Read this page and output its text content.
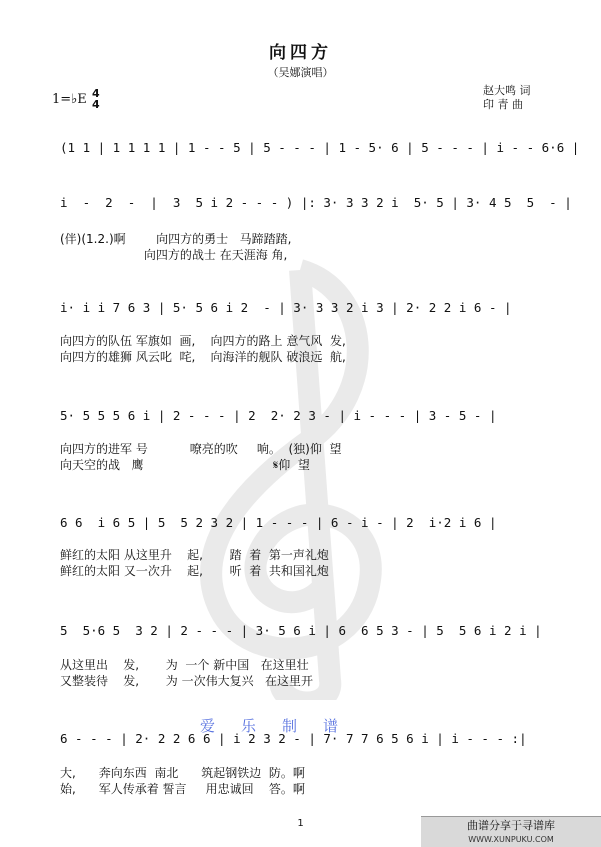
向四方
（吴娜演唱）
赵大鸣 词
印 青 曲
1=♭E 4
4
(1 1 | 1 1 1 1 | 1 - - 5 | 5 - - - | 1 - 5· 6 | 5 - - - | i - - 6·6 |
i  -  2  -  |  3  5 i 2 - - - ) |: 3· 3 3 2 i  5· 5 | 3· 4 5  5  - |
(伴)(1.2.)啊        向四方的勇士   马蹄踏踏,
向四方的战士 在天涯海 角,
i· i i 7 6 3 | 5· 5 6 i 2  - | 3· 3 3 2 i 3 | 2· 2 2 i 6 - |
向四方的队伍 军旗如  画,    向四方的路上 意气风  发,
向四方的雄狮 风云叱  咤,    向海洋的舰队 破浪远  航,
5· 5 5 5 6 i | 2 - - - | 2  2· 2 3 - | i - - - | 3 - 5 - |
向四方的进军 号           嘹亮的吹     响。  (独)仰  望
向天空的战   鹰                                  𝄋仰  望
6 6  i 6 5 | 5  5 2 3 2 | 1 - - - | 6 - i - | 2  i·2 i 6 |
鲜红的太阳 从这里升    起,       踏  着  第一声礼炮
鲜红的太阳 又一次升    起,       听  着  共和国礼炮
5  5·6 5  3 2 | 2 - - - | 3· 5 6 i | 6  6 5 3 - | 5  5 6 i 2 i |
从这里出    发,       为  一个 新中国   在这里壮
又整装待    发,       为 一次伟大复兴   在这里开
爱乐制谱
6 - - - | 2· 2 2 6 6 | i 2 3 2 - | 7· 7 7 6 5 6 i | i - - - :|
大,      奔向东西  南北      筑起钢铁边  防。啊
始,      军人传承着 誓言     用忠诚回    答。啊
1	曲谱分享于寻谱库
WWW.XUNPUKU.COM
